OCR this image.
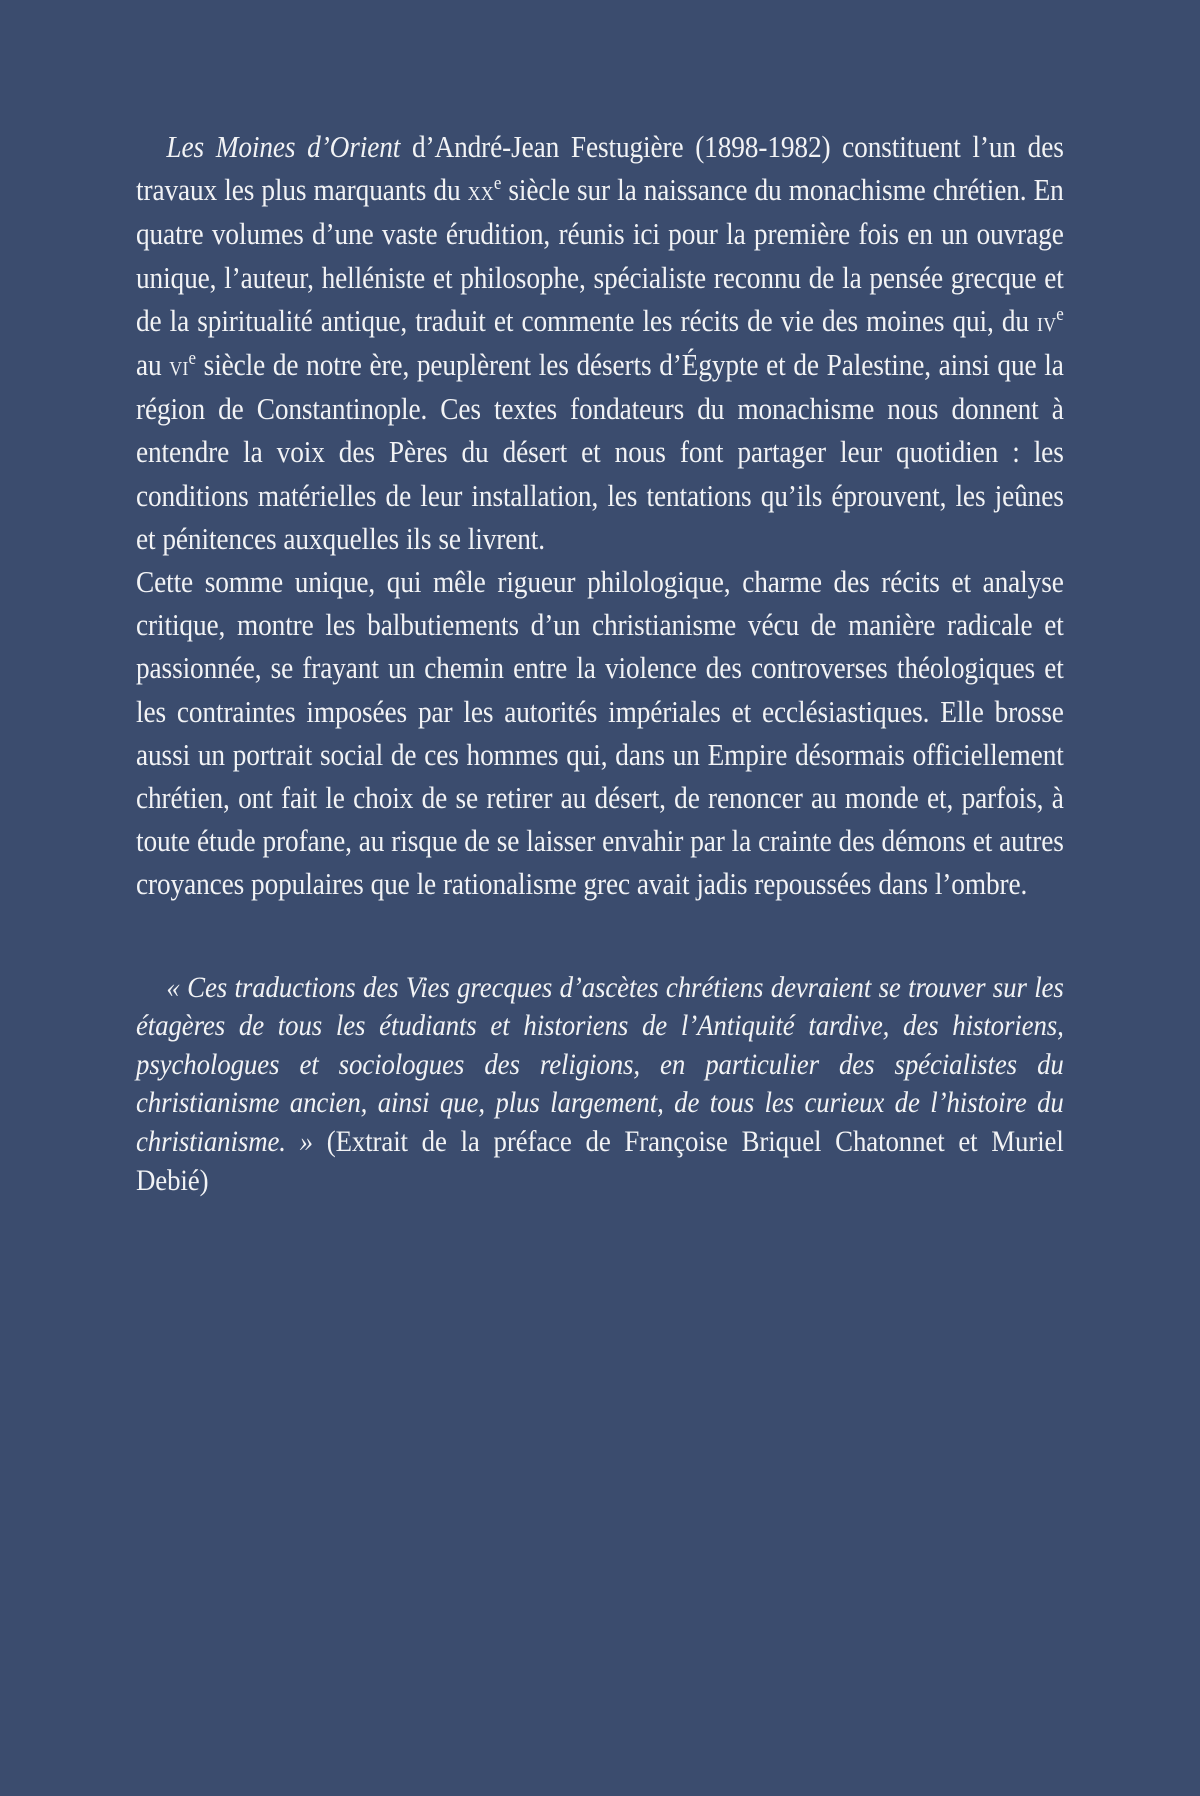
Les Moines d’Orient d’André-Jean Festugière (1898-1982) constituent l’un des travaux les plus marquants du $xx^e$ siècle sur la naissance du monachisme chrétien. En quatre volumes d’une vaste érudition, réunis ici pour la première fois en un ouvrage unique, l’auteur, helléniste et philosophe, spécialiste reconnu de la pensée grecque et de la spiritualité antique, traduit et commente les récits de vie des moines qui, du $iv^e$ au $vi^e$ siècle de notre ère, peuplèrent les déserts d’Égypte et de Palestine, ainsi que la région de Constantinople. Ces textes fondateurs du monachisme nous donnent à entendre la voix des Pères du désert et nous font partager leur quotidien : les conditions matérielles de leur installation, les tentations qu’ils éprouvent, les jeûnes et pénitences auxquelles ils se livrent.

Cette somme unique, qui mêle rigueur philologique, charme des récits et analyse critique, montre les balbutiements d’un christianisme vécu de manière radicale et passionnée, se frayant un chemin entre la violence des controverses théologiques et les contraintes imposées par les autorités impériales et ecclésiastiques. Elle brosse aussi un portrait social de ces hommes qui, dans un Empire désormais officiellement chrétien, ont fait le choix de se retirer au désert, de renoncer au monde et, parfois, à toute étude profane, au risque de se laisser envahir par la crainte des démons et autres croyances populaires que le rationalisme grec avait jadis repoussées dans l’ombre.

« Ces traductions des Vies grecques d’ascètes chrétiens devraient se trouver sur les étagères de tous les étudiants et historiens de l’Antiquité tardive, des historiens, psychologues et sociologues des religions, en particulier des spécialistes du christianisme ancien, ainsi que, plus largement, de tous les curieux de l’histoire du christianisme. » (Extrait de la préface de Françoise Briquel Chatonnet et Muriel Debié)
